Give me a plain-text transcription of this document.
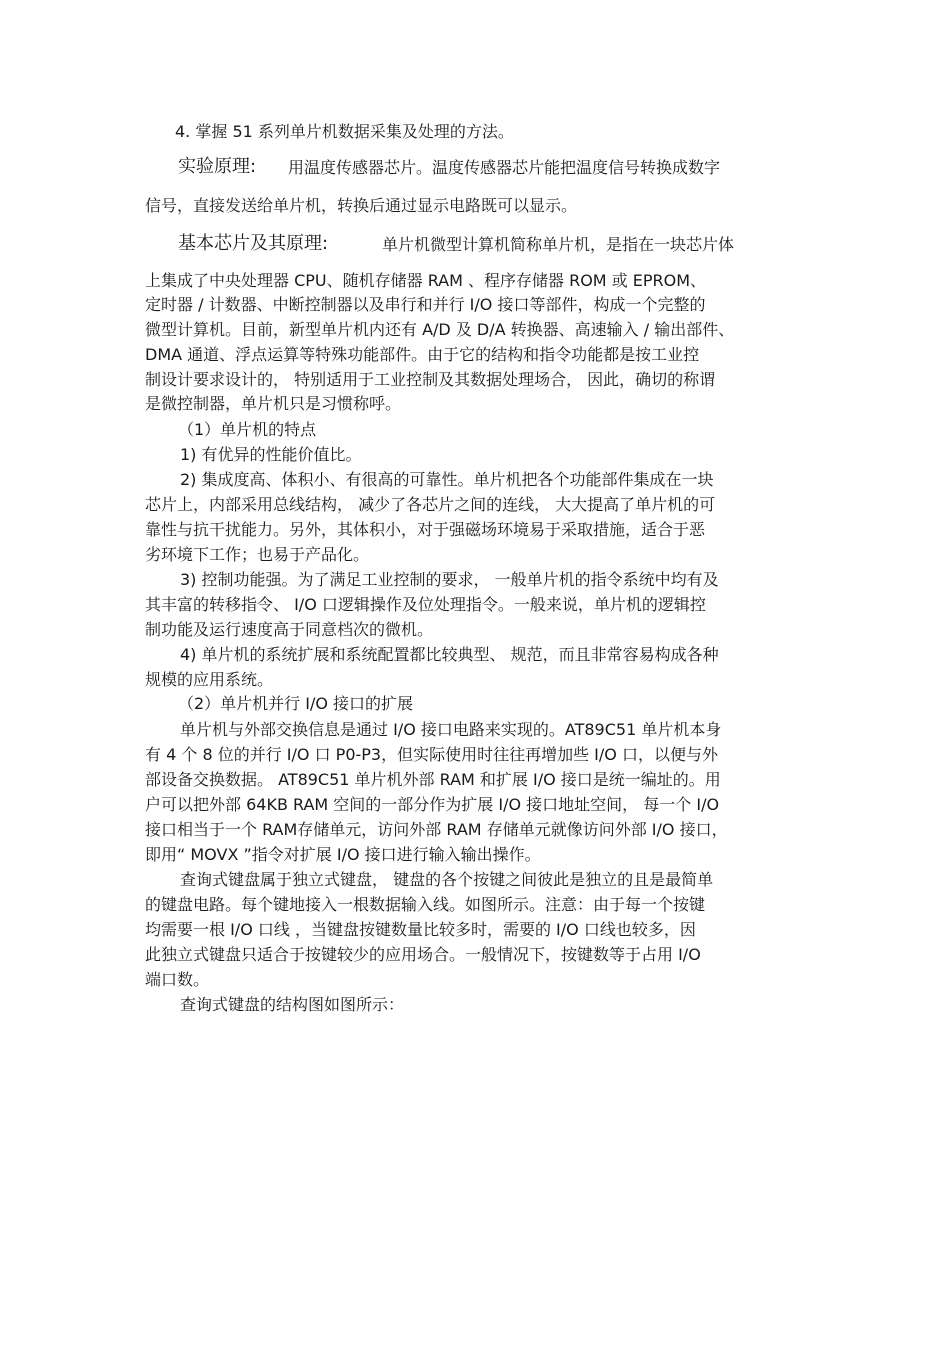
4. 掌握 51 系列单片机数据采集及处理的方法。
实验原理: 用温度传感器芯片。温度传感器芯片能把温度信号转换成数字
信号，直接发送给单片机，转换后通过显示电路既可以显示。
基本芯片及其原理:	单片机微型计算机简称单片机，是指在一块芯片体
上集成了中央处理器 CPU、随机存储器 RAM 、程序存储器 ROM 或 EPROM、
定时器 / 计数器、中断控制器以及串行和并行 I/O 接口等部件，构成一个完整的
微型计算机。目前，新型单片机内还有 A/D 及 D/A 转换器、高速输入 / 输出部件、
DMA 通道、浮点运算等特殊功能部件。由于它的结构和指令功能都是按工业控
制设计要求设计的， 特别适用于工业控制及其数据处理场合， 因此，确切的称谓
是微控制器，单片机只是习惯称呼。
（1）单片机的特点
1) 有优异的性能价值比。
2) 集成度高、体积小、有很高的可靠性。单片机把各个功能部件集成在一块
芯片上，内部采用总线结构， 减少了各芯片之间的连线， 大大提高了单片机的可
靠性与抗干扰能力。另外，其体积小，对于强磁场环境易于采取措施，适合于恶
劣环境下工作；也易于产品化。
3) 控制功能强。为了满足工业控制的要求， 一般单片机的指令系统中均有及
其丰富的转移指令、 I/O 口逻辑操作及位处理指令。一般来说，单片机的逻辑控
制功能及运行速度高于同意档次的微机。
4) 单片机的系统扩展和系统配置都比较典型、 规范，而且非常容易构成各种
规模的应用系统。
（2）单片机并行 I/O 接口的扩展
单片机与外部交换信息是通过 I/O 接口电路来实现的。AT89C51 单片机本身
有 4 个 8 位的并行 I/O 口 P0-P3，但实际使用时往往再增加些 I/O 口，以便与外
部设备交换数据。 AT89C51 单片机外部 RAM 和扩展 I/O 接口是统一编址的。用
户可以把外部 64KB RAM 空间的一部分作为扩展 I/O 接口地址空间， 每一个 I/O
接口相当于一个 RAM存储单元，访问外部 RAM 存储单元就像访问外部 I/O 接口，
即用“ MOVX ”指令对扩展 I/O 接口进行输入输出操作。
查询式键盘属于独立式键盘， 键盘的各个按键之间彼此是独立的且是最简单
的键盘电路。每个键地接入一根数据输入线。如图所示。注意：由于每一个按键
均需要一根 I/O 口线 ，当键盘按键数量比较多时，需要的 I/O 口线也较多，因
此独立式键盘只适合于按键较少的应用场合。一般情况下，按键数等于占用 I/O
端口数。
查询式键盘的结构图如图所示：
